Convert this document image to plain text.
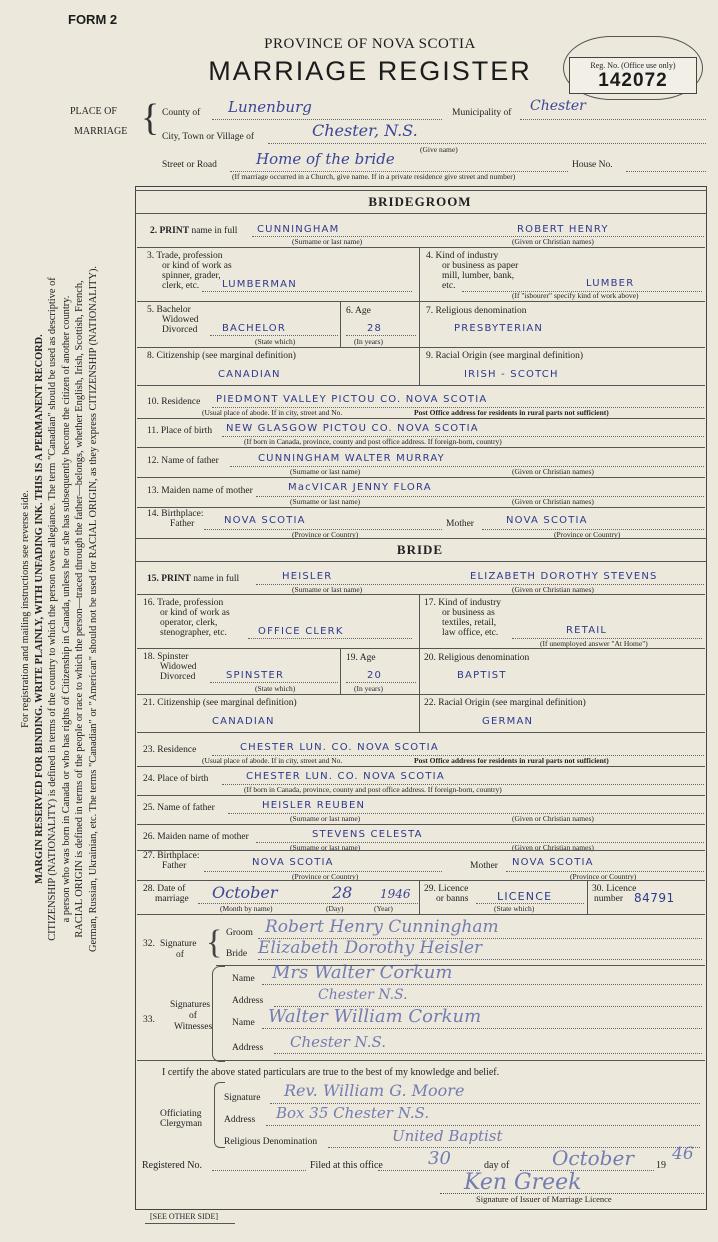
FORM 2
PROVINCE OF NOVA SCOTIA
MARRIAGE REGISTER	Reg. No. (Office use only)
142072
PLACE OF
MARRIAGE { County of Lunenburg	Municipality of Chester
City, Town or Village of	Chester, N.S.
(Give name)
Street or Road	Home of the bride	House No.
(If marriage occurred in a Church, give name. If in a private residence give street and number)
For registration and mailing instructions see reverse side. MARGIN RESERVED FOR BINDING. WRITE PLAINLY, WITH UNFADING INK. THIS IS A PERMANENT RECORD. CITIZENSHIP (NATIONALITY) is defined in terms of the country to which the person owes allegiance. The term "Canadian" should be used as descriptive of a person who was born in Canada or who has rights of Citizenship in Canada, unless he or she has subsequently become the citizen of another country. RACIAL ORIGIN is defined in terms of the people or race to which the person—traced through the father—belongs, whether English, Irish, Scottish, French, German, Russian, Ukrainian, etc. The terms "Canadian" or "American" should not be used for RACIAL ORIGIN, as they express CITIZENSHIP (NATIONALITY).
BRIDEGROOM
2. PRINT name in full CUNNINGHAM	ROBERT HENRY
(Surname or last name)	(Given or Christian names)
3. Trade, profession
or kind of work as
spinner, grader,
clerk, etc. LUMBERMAN
4. Kind of industry
or business as paper
mill, lumber, bank,
etc.	LUMBER
(If "isbourer" specify kind of work above)
5. Bachelor
Widowed
Divorced BACHELOR
(State which)
6. Age
28
(In years)
7. Religious denomination
PRESBYTERIAN
8. Citizenship (see marginal definition)
CANADIAN
9. Racial Origin (see marginal definition)
IRISH - SCOTCH
10. Residence PIEDMONT VALLEY PICTOU CO. NOVA SCOTIA
(Usual place of abode. If in city, street and No.	Post Office address for residents in rural parts not sufficient)
11. Place of birth NEW GLASGOW PICTOU CO. NOVA SCOTIA
(If born in Canada, province, county and post office address. If foreign-born, country)
12. Name of father	CUNNINGHAM WALTER MURRAY
(Surname or last name)	(Given or Christian names)
13. Maiden name of mother	MacVICAR JENNY FLORA
(Surname or last name)	(Given or Christian names)
14. Birthplace:
Father	NOVA SCOTIA
(Province or Country)
Mother	NOVA SCOTIA
(Province or Country)
BRIDE
15. PRINT name in full	HEISLER	ELIZABETH DOROTHY STEVENS
(Surname or last name)	(Given or Christian names)
16. Trade, profession
or kind of work as
operator, clerk,
stenographer, etc.	OFFICE CLERK
17. Kind of industry
or business as
textiles, retail,
law office, etc.	RETAIL
(If unemployed answer "At Home")
18. Spinster
Widowed
Divorced	SPINSTER
(State which)
19. Age
20
(In years)
20. Religious denomination
BAPTIST
21. Citizenship (see marginal definition)
CANADIAN
22. Racial Origin (see marginal definition)
GERMAN
23. Residence	CHESTER LUN. CO. NOVA SCOTIA
(Usual place of abode. If in city, street and No.	Post Office address for residents in rural parts not sufficient)
24. Place of birth	CHESTER LUN. CO. NOVA SCOTIA
(If born in Canada, province, county and post office address. If foreign-born, country)
25. Name of father	HEISLER REUBEN
(Surname or last name)	(Given or Christian names)
26. Maiden name of mother	STEVENS CELESTA
(Surname or last name)	(Given or Christian names)
27. Birthplace:
Father	NOVA SCOTIA
(Province or Country)
Mother NOVA SCOTIA
(Province or Country)
28. Date of
marriage October	28 1946
(Month by name)	(Day)	(Year)
29. Licence
or banns	LICENCE
(State which)
30. Licence
number 84791
32. Signature
of { Groom Robert Henry Cunningham
Bride Elizabeth Dorothy Heisler
33.
Signatures
of
Witnesses
Name Mrs Walter Corkum
Address	Chester N.S.
Name Walter William Corkum
Address Chester N.S.
I certify the above stated particulars are true to the best of my knowledge and belief.
Officiating
Clergyman
Signature Rev. William G. Moore
Address Box 35 Chester N.S.
Religious Denomination	United Baptist
Registered No.	Filed at this office	30	day of October 19
46
Ken Greek
Signature of Issuer of Marriage Licence
[SEE OTHER SIDE]
